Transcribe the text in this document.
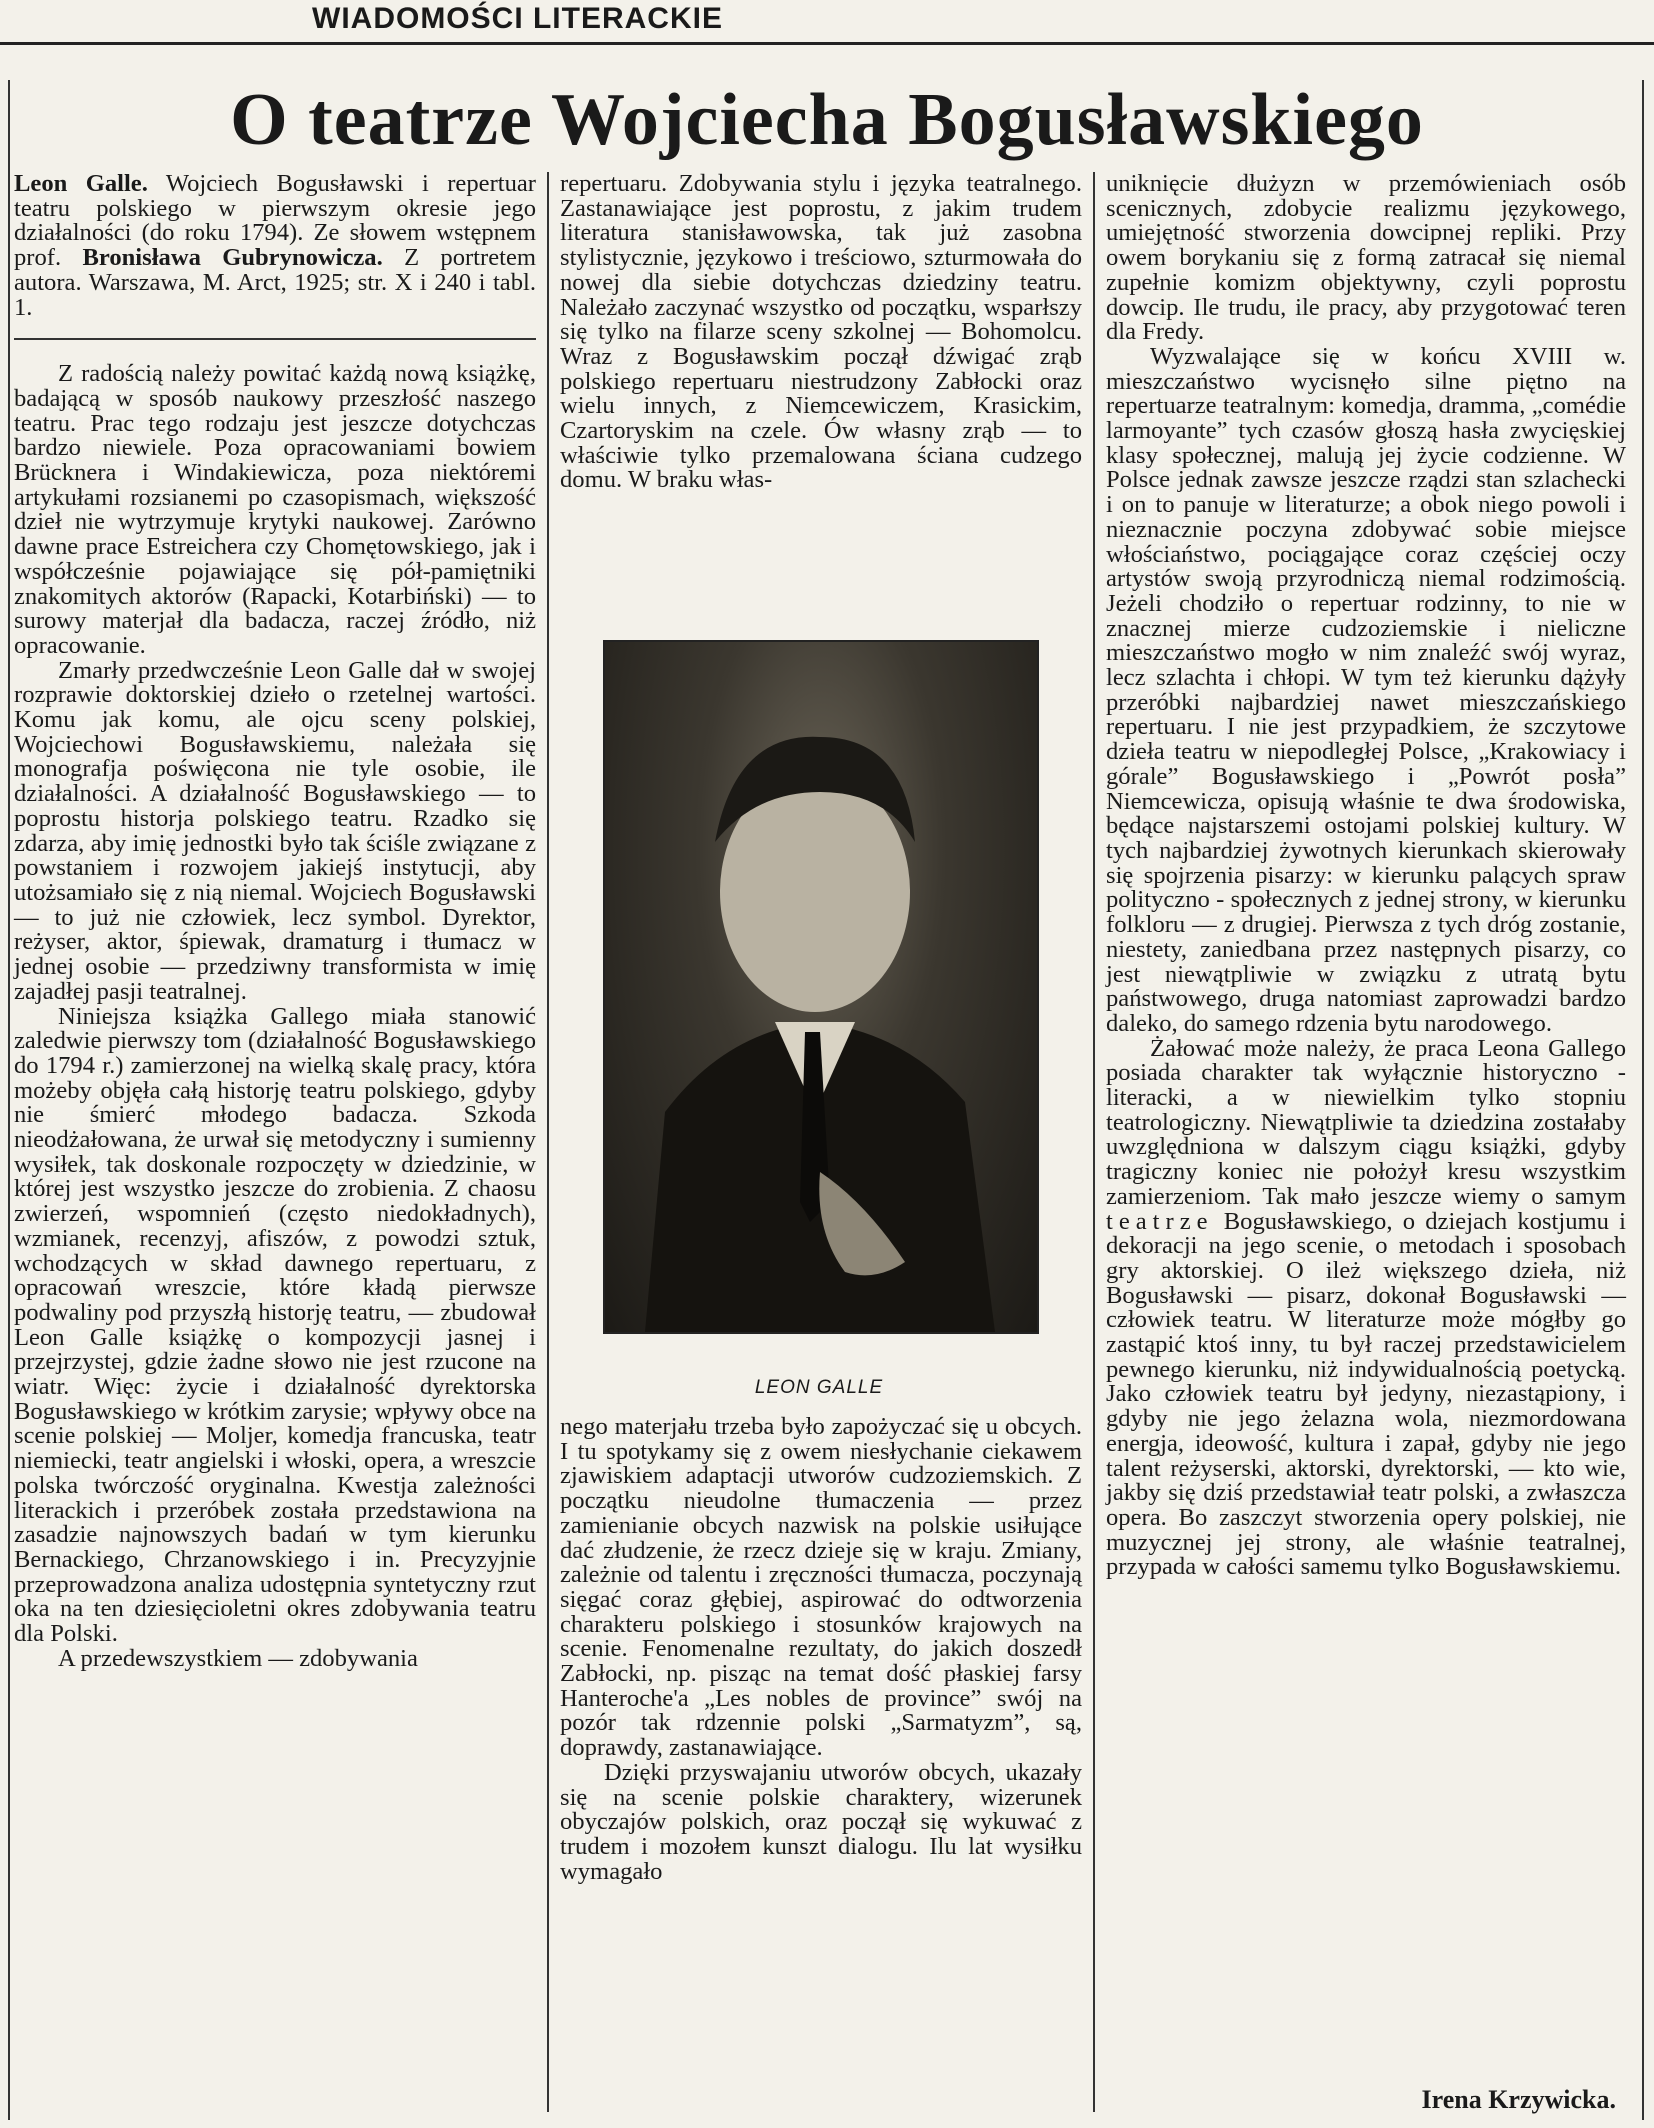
WIADOMOŚCI LITERACKIE
O teatrze Wojciecha Bogusławskiego

Leon Galle. Wojciech Bogusławski i repertuar teatru polskiego w pierwszym okresie jego działalności (do roku 1794). Ze słowem wstępnem prof. Bronisława Gubrynowicza. Z portretem autora. Warszawa, M. Arct, 1925; str. X i 240 i tabl. 1.

Z radością należy powitać każdą nową książkę, badającą w sposób naukowy przeszłość naszego teatru. Prac tego rodzaju jest jeszcze dotychczas bardzo niewiele. Poza opracowaniami bowiem Brücknera i Windakiewicza, poza niektóremi artykułami rozsianemi po czasopismach, większość dzieł nie wytrzymuje krytyki naukowej. Zarówno dawne prace Estreichera czy Chomętowskiego, jak i współcześnie pojawiające się pół-pamiętniki znakomitych aktorów (Rapacki, Kotarbiński) — to surowy materjał dla badacza, raczej źródło, niż opracowanie.

Zmarły przedwcześnie Leon Galle dał w swojej rozprawie doktorskiej dzieło o rzetelnej wartości. Komu jak komu, ale ojcu sceny polskiej, Wojciechowi Bogusławskiemu, należała się monografja poświęcona nie tyle osobie, ile działalności. A działalność Bogusławskiego — to poprostu historja polskiego teatru. Rzadko się zdarza, aby imię jednostki było tak ściśle związane z powstaniem i rozwojem jakiejś instytucji, aby utożsamiało się z nią niemal. Wojciech Bogusławski — to już nie człowiek, lecz symbol. Dyrektor, reżyser, aktor, śpiewak, dramaturg i tłumacz w jednej osobie — przedziwny transformista w imię zajadłej pasji teatralnej.

Niniejsza książka Gallego miała stanowić zaledwie pierwszy tom (działalność Bogusławskiego do 1794 r.) zamierzonej na wielką skalę pracy, która możeby objęła całą historję teatru polskiego, gdyby nie śmierć młodego badacza. Szkoda nieodżałowana, że urwał się metodyczny i sumienny wysiłek, tak doskonale rozpoczęty w dziedzinie, w której jest wszystko jeszcze do zrobienia. Z chaosu zwierzeń, wspomnień (często niedokładnych), wzmianek, recenzyj, afiszów, z powodzi sztuk, wchodzących w skład dawnego repertuaru, z opracowań wreszcie, które kładą pierwsze podwaliny pod przyszłą historję teatru, — zbudował Leon Galle książkę o kompozycji jasnej i przejrzystej, gdzie żadne słowo nie jest rzucone na wiatr. Więc: życie i działalność dyrektorska Bogusławskiego w krótkim zarysie; wpływy obce na scenie polskiej — Moljer, komedja francuska, teatr niemiecki, teatr angielski i włoski, opera, a wreszcie polska twórczość oryginalna. Kwestja zależności literackich i przeróbek została przedstawiona na zasadzie najnowszych badań w tym kierunku Bernackiego, Chrzanowskiego i in. Precyzyjnie przeprowadzona analiza udostępnia syntetyczny rzut oka na ten dziesięcioletni okres zdobywania teatru dla Polski.

A przedewszystkiem — zdobywania

repertuaru. Zdobywania stylu i języka teatralnego. Zastanawiające jest poprostu, z jakim trudem literatura stanisławowska, tak już zasobna stylistycznie, językowo i treściowo, szturmowała do nowej dla siebie dotychczas dziedziny teatru. Należało zaczynać wszystko od początku, wsparłszy się tylko na filarze sceny szkolnej — Bohomolcu. Wraz z Bogusławskim począł dźwigać zrąb polskiego repertuaru niestrudzony Zabłocki oraz wielu innych, z Niemcewiczem, Krasickim, Czartoryskim na czele. Ów własny zrąb — to właściwie tylko przemalowana ściana cudzego domu. W braku włas-

LEON GALLE

nego materjału trzeba było zapożyczać się u obcych. I tu spotykamy się z owem niesłychanie ciekawem zjawiskiem adaptacji utworów cudzoziemskich. Z początku nieudolne tłumaczenia — przez zamienianie obcych nazwisk na polskie usiłujące dać złudzenie, że rzecz dzieje się w kraju. Zmiany, zależnie od talentu i zręczności tłumacza, poczynają sięgać coraz głębiej, aspirować do odtworzenia charakteru polskiego i stosunków krajowych na scenie. Fenomenalne rezultaty, do jakich doszedł Zabłocki, np. pisząc na temat dość płaskiej farsy Hanteroche'a „Les nobles de province” swój na pozór tak rdzennie polski „Sarmatyzm”, są, doprawdy, zastanawiające.

Dzięki przyswajaniu utworów obcych, ukazały się na scenie polskie charaktery, wizerunek obyczajów polskich, oraz począł się wykuwać z trudem i mozołem kunszt dialogu. Ilu lat wysiłku wymagało

uniknięcie dłużyzn w przemówieniach osób scenicznych, zdobycie realizmu językowego, umiejętność stworzenia dowcipnej repliki. Przy owem borykaniu się z formą zatracał się niemal zupełnie komizm objektywny, czyli poprostu dowcip. Ile trudu, ile pracy, aby przygotować teren dla Fredy.

Wyzwalające się w końcu XVIII w. mieszczaństwo wycisnęło silne piętno na repertuarze teatralnym: komedja, dramma, „comédie larmoyante” tych czasów głoszą hasła zwycięskiej klasy społecznej, malują jej życie codzienne. W Polsce jednak zawsze jeszcze rządzi stan szlachecki i on to panuje w literaturze; a obok niego powoli i nieznacznie poczyna zdobywać sobie miejsce włościaństwo, pociągające coraz częściej oczy artystów swoją przyrodniczą niemal rodzimością. Jeżeli chodziło o repertuar rodzinny, to nie w znacznej mierze cudzoziemskie i nieliczne mieszczaństwo mogło w nim znaleźć swój wyraz, lecz szlachta i chłopi. W tym też kierunku dążyły przeróbki najbardziej nawet mieszczańskiego repertuaru. I nie jest przypadkiem, że szczytowe dzieła teatru w niepodległej Polsce, „Krakowiacy i górale” Bogusławskiego i „Powrót posła” Niemcewicza, opisują właśnie te dwa środowiska, będące najstarszemi ostojami polskiej kultury. W tych najbardziej żywotnych kierunkach skierowały się spojrzenia pisarzy: w kierunku palących spraw polityczno - społecznych z jednej strony, w kierunku folkloru — z drugiej. Pierwsza z tych dróg zostanie, niestety, zaniedbana przez następnych pisarzy, co jest niewątpliwie w związku z utratą bytu państwowego, druga natomiast zaprowadzi bardzo daleko, do samego rdzenia bytu narodowego.

Żałować może należy, że praca Leona Gallego posiada charakter tak wyłącznie historyczno - literacki, a w niewielkim tylko stopniu teatrologiczny. Niewątpliwie ta dziedzina zostałaby uwzględniona w dalszym ciągu książki, gdyby tragiczny koniec nie położył kresu wszystkim zamierzeniom. Tak mało jeszcze wiemy o samym teatrze Bogusławskiego, o dziejach kostjumu i dekoracji na jego scenie, o metodach i sposobach gry aktorskiej. O ileż większego dzieła, niż Bogusławski — pisarz, dokonał Bogusławski — człowiek teatru. W literaturze może mógłby go zastąpić ktoś inny, tu był raczej przedstawicielem pewnego kierunku, niż indywidualnością poetycką. Jako człowiek teatru był jedyny, niezastąpiony, i gdyby nie jego żelazna wola, niezmordowana energja, ideowość, kultura i zapał, gdyby nie jego talent reżyserski, aktorski, dyrektorski, — kto wie, jakby się dziś przedstawiał teatr polski, a zwłaszcza opera. Bo zaszczyt stworzenia opery polskiej, nie muzycznej jej strony, ale właśnie teatralnej, przypada w całości samemu tylko Bogusławskiemu.

Irena Krzywicka.
